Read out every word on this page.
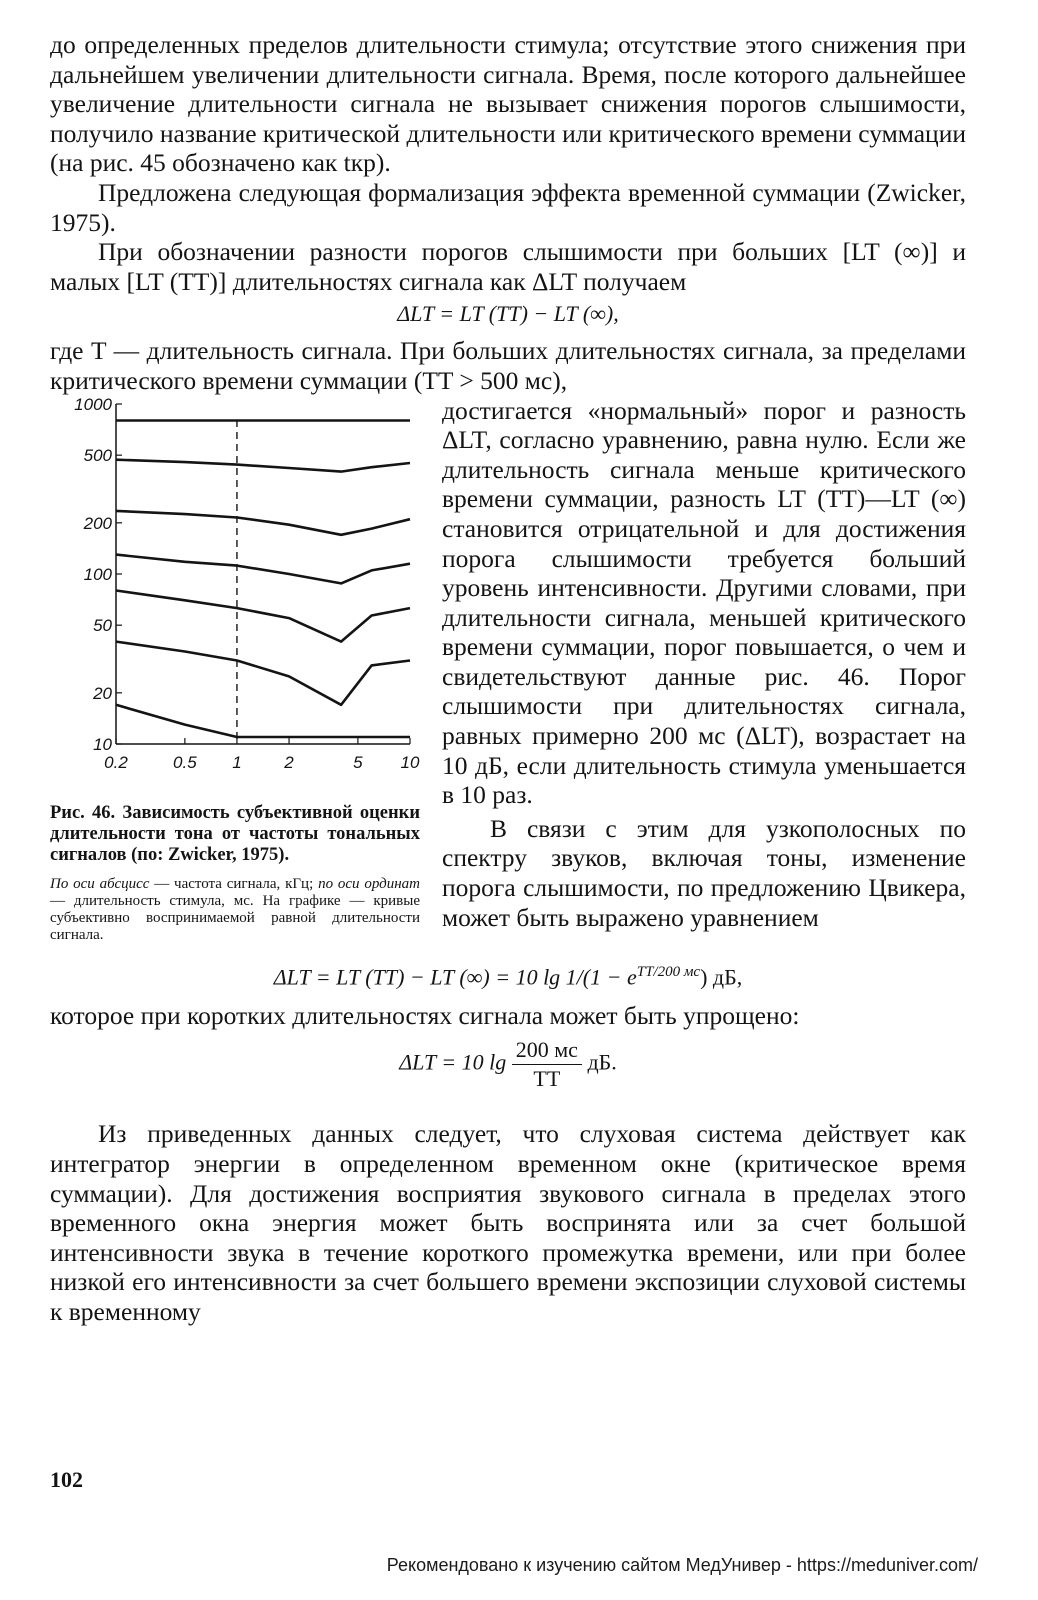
до определенных пределов длительности стимула; отсутствие этого снижения при дальнейшем увеличении длительности сигнала. Время, после которого дальнейшее увеличение длительности сигнала не вызывает снижения порогов слышимости, получило название критической длительности или критического времени суммации (на рис. 45 обозначено как tкр).

Предложена следующая формализация эффекта временной суммации (Zwicker, 1975).

При обозначении разности порогов слышимости при больших [LT (∞)] и малых [LT (TT)] длительностях сигнала как ΔLT получаем

ΔLT = LT (TT) − LT (∞),

где T — длительность сигнала. При больших длительностях сигнала, за пределами критического времени суммации (TT > 500 мс),

1000
500
200
100
50
20
10
0.2	0.5 1	2	5 10
Рис. 46. Зависимость субъективной оценки длительности тона от частоты тональных сигналов (по: Zwicker, 1975).
По оси абсцисс — частота сигнала, кГц; по оси ординат — длительность стимула, мс. На графике — кривые субъективно воспринимаемой равной длительности сигнала.

достигается «нормальный» порог и разность ΔLT, согласно уравнению, равна нулю. Если же длительность сигнала меньше критического времени суммации, разность LT (TT)—LT (∞) становится отрицательной и для достижения порога слышимости требуется больший уровень интенсивности. Другими словами, при длительности сигнала, меньшей критического времени суммации, порог повышается, о чем и свидетельствуют данные рис. 46. Порог слышимости при длительностях сигнала, равных примерно 200 мс (ΔLT), возрастает на 10 дБ, если длительность стимула уменьшается в 10 раз.

В связи с этим для узкополосных по спектру звуков, включая тоны, изменение порога слышимости, по предложению Цвикера, может быть выражено уравнением

ΔLT = LT (TT) − LT (∞) = 10 $\lg 1/(1 - e^{TT/200 мс})$ дБ,

которое при коротких длительностях сигнала может быть упрощено:

ΔLT = 10 $\lg \frac{200 мс}{TT}$ дБ.

Из приведенных данных следует, что слуховая система действует как интегратор энергии в определенном временном окне (критическое время суммации). Для достижения восприятия звукового сигнала в пределах этого временного окна энергия может быть воспринята или за счет большой интенсивности звука в течение короткого промежутка времени, или при более низкой его интенсивности за счет большего времени экспозиции слуховой системы к временному

102
Рекомендовано к изучению сайтом МедУнивер - https://meduniver.com/
